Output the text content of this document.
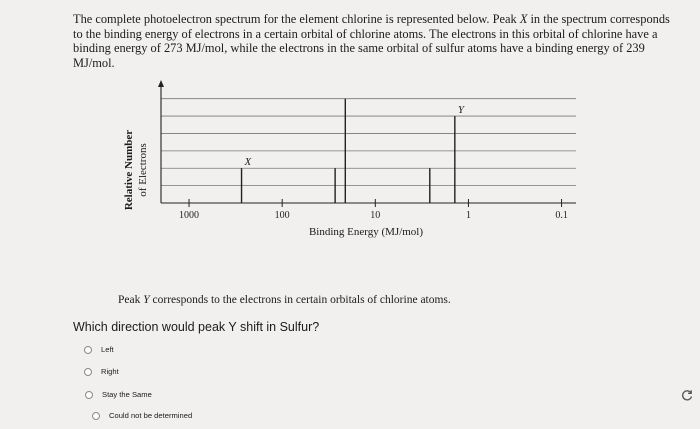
The complete photoelectron spectrum for the element chlorine is represented below. Peak X in the spectrum corresponds to the binding energy of electrons in a certain orbital of chlorine atoms. The electrons in this orbital of chlorine have a binding energy of 273 MJ/mol, while the electrons in the same orbital of sulfur atoms have a binding energy of 239 MJ/mol.
X
Y
1000	100	10	1	0.1
Binding Energy (MJ/mol)
Relative Number of Electrons
Peak Y corresponds to the electrons in certain orbitals of chlorine atoms.
Which direction would peak Y shift in Sulfur?
Left
Right
Stay the Same
Could not be determined
